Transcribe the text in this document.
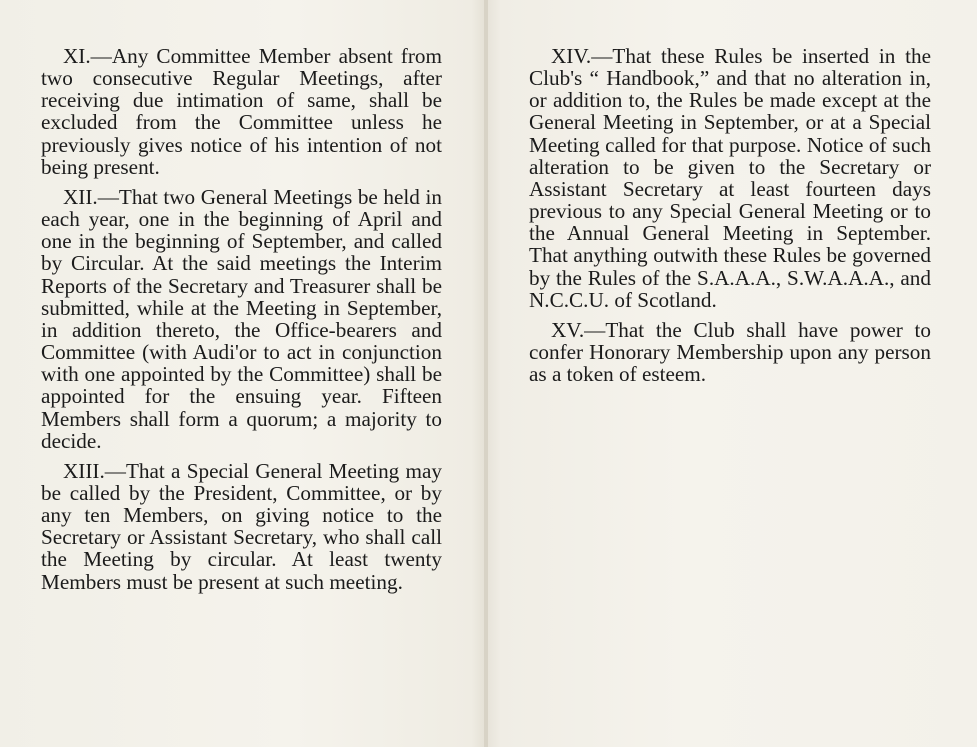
XI.—Any Committee Member absent from two consecutive Regular Meetings, after receiving due intimation of same, shall be excluded from the Committee unless he previously gives notice of his intention of not being present.

XII.—That two General Meetings be held in each year, one in the beginning of April and one in the beginning of September, and called by Circular. At the said meetings the Interim Reports of the Secretary and Treasurer shall be submitted, while at the Meeting in September, in addition thereto, the Office-bearers and Committee (with Audi'or to act in conjunction with one appointed by the Committee) shall be appointed for the ensuing year. Fifteen Members shall form a quorum; a majority to decide.

XIII.—That a Special General Meeting may be called by the President, Committee, or by any ten Members, on giving notice to the Secretary or Assistant Secretary, who shall call the Meeting by circular. At least twenty Members must be present at such meeting.

XIV.—That these Rules be inserted in the Club's “ Handbook,” and that no alteration in, or addition to, the Rules be made except at the General Meeting in September, or at a Special Meeting called for that purpose. Notice of such alteration to be given to the Secretary or Assistant Secretary at least fourteen days previous to any Special General Meeting or to the Annual General Meeting in September. That anything outwith these Rules be governed by the Rules of the S.A.A.A., S.W.A.A.A., and N.C.C.U. of Scotland.

XV.—That the Club shall have power to confer Honorary Membership upon any person as a token of esteem.
